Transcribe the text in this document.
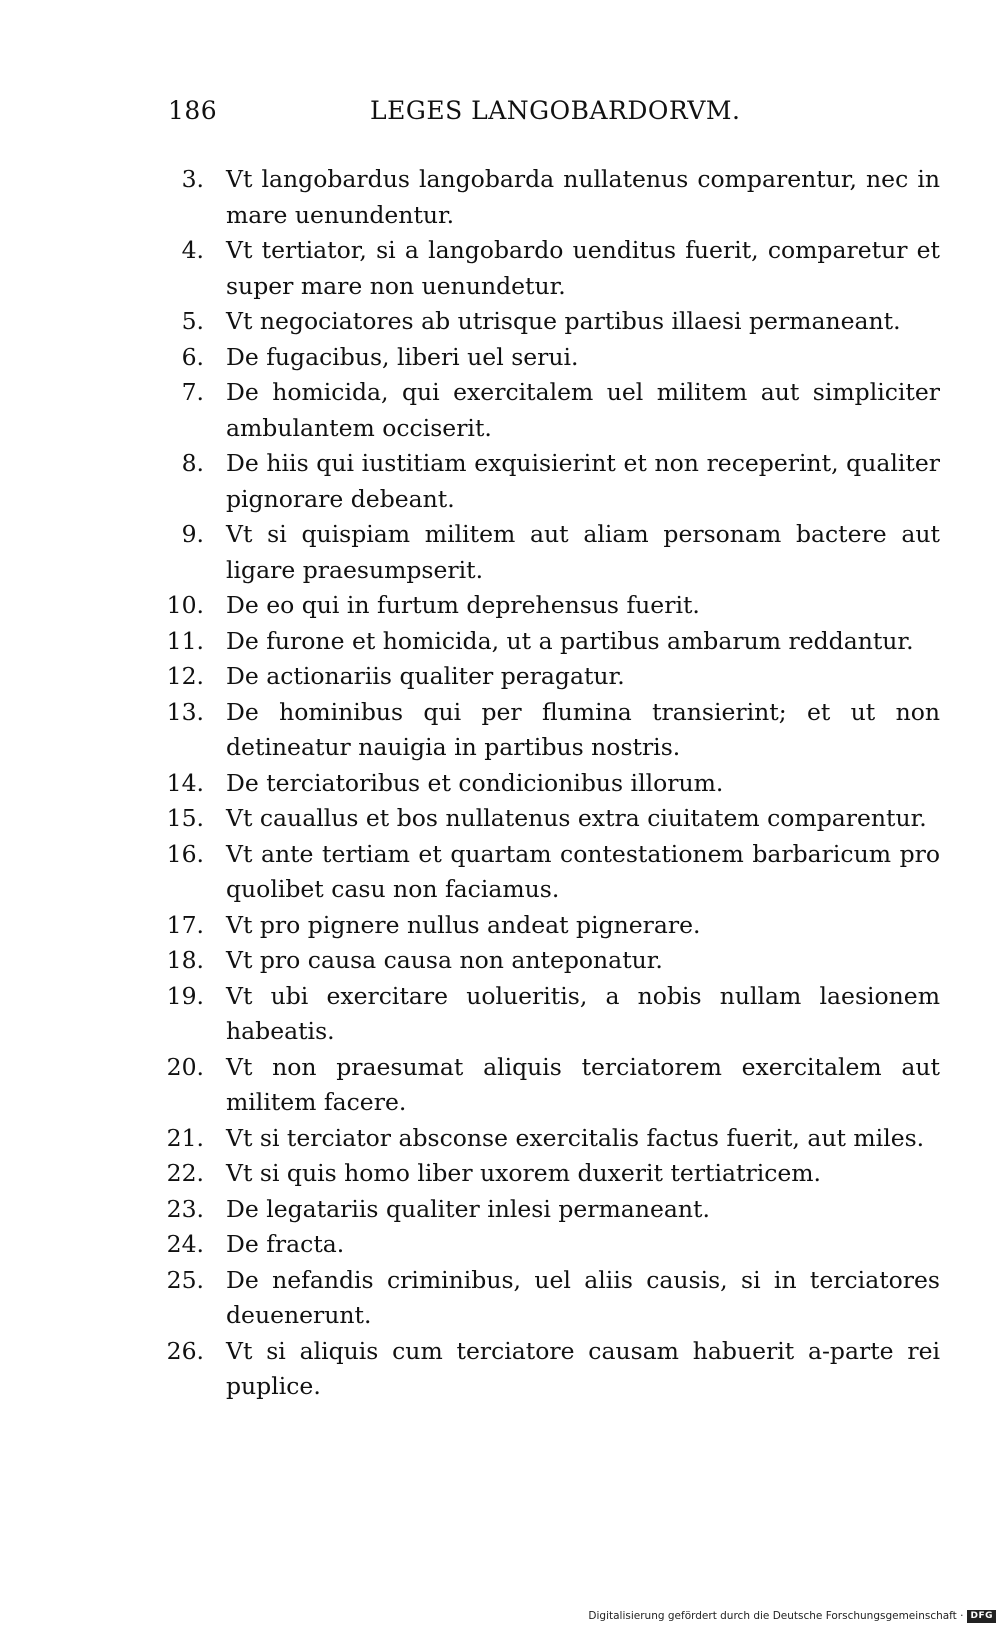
186	LEGES LANGOBARDORVM.
3. Vt langobardus langobarda nullatenus comparentur, nec in mare uenundentur.
4. Vt tertiator, si a langobardo uenditus fuerit, comparetur et super mare non uenundetur.
5. Vt negociatores ab utrisque partibus illaesi permaneant.
6. De fugacibus, liberi uel serui.
7. De homicida, qui exercitalem uel militem aut simpliciter ambulantem occiserit.
8. De hiis qui iustitiam exquisierint et non receperint, qualiter pignorare debeant.
9. Vt si quispiam militem aut aliam personam bactere aut ligare praesumpserit.
10. De eo qui in furtum deprehensus fuerit.
11. De furone et homicida, ut a partibus ambarum reddantur.
12. De actionariis qualiter peragatur.
13. De hominibus qui per flumina transierint; et ut non detineatur nauigia in partibus nostris.
14. De terciatoribus et condicionibus illorum.
15. Vt cauallus et bos nullatenus extra ciuitatem comparentur.
16. Vt ante tertiam et quartam contestationem barbaricum pro quolibet casu non faciamus.
17. Vt pro pignere nullus andeat pignerare.
18. Vt pro causa causa non anteponatur.
19. Vt ubi exercitare uolueritis, a nobis nullam laesionem habeatis.
20. Vt non praesumat aliquis terciatorem exercitalem aut militem facere.
21. Vt si terciator absconse exercitalis factus fuerit, aut miles.
22. Vt si quis homo liber uxorem duxerit tertiatricem.
23. De legatariis qualiter inlesi permaneant.
24. De fracta.
25. De nefandis criminibus, uel aliis causis, si in terciatores deuenerunt.
26. Vt si aliquis cum terciatore causam habuerit a-parte rei puplice.
Digitalisierung gefördert durch die Deutsche Forschungsgemeinschaft · DFG
